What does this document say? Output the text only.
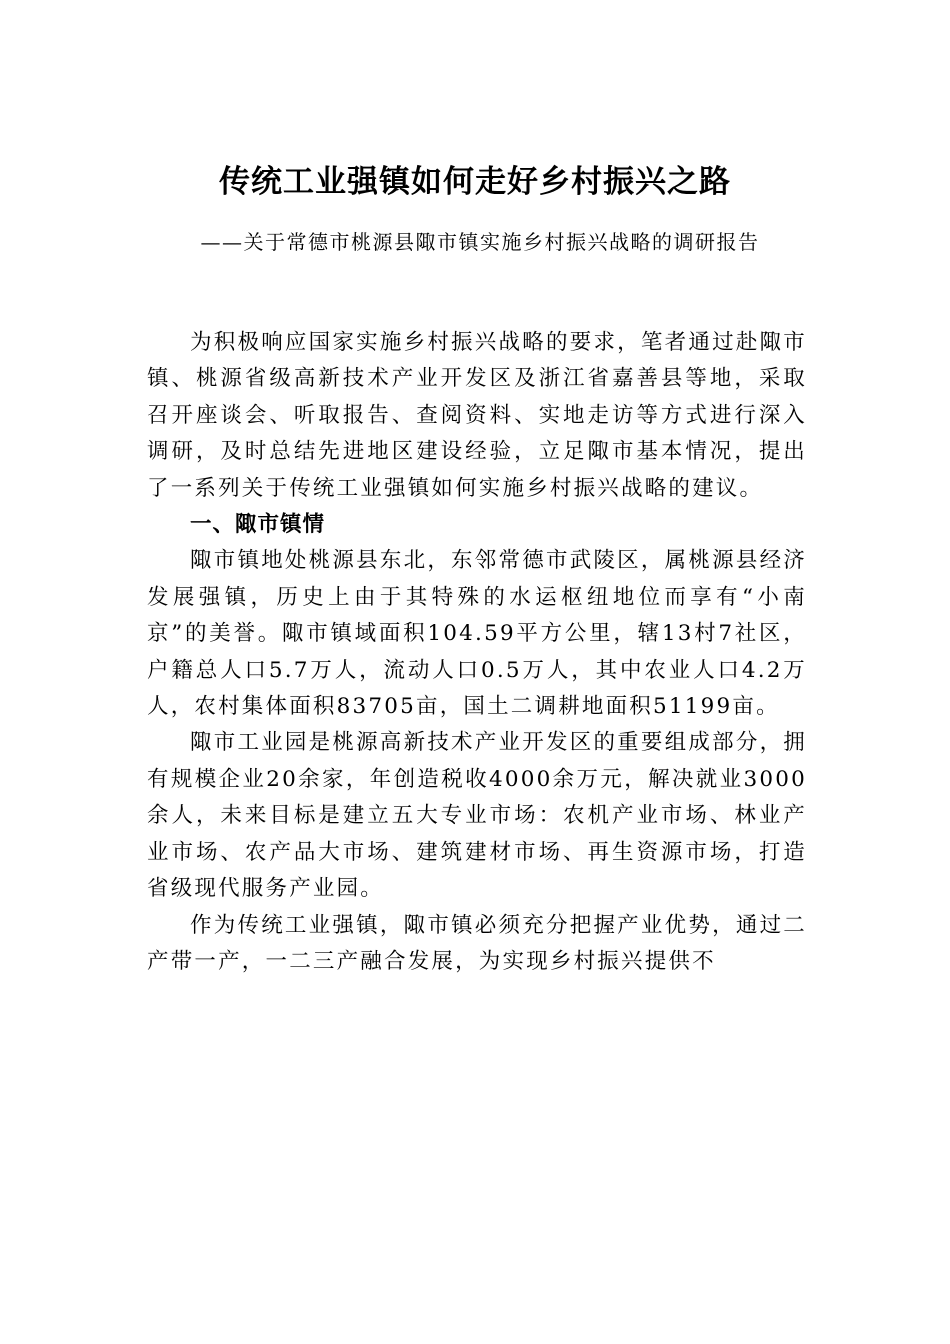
传统工业强镇如何走好乡村振兴之路
——关于常德市桃源县陬市镇实施乡村振兴战略的调研报告

为积极响应国家实施乡村振兴战略的要求，笔者通过赴陬市镇、桃源省级高新技术产业开发区及浙江省嘉善县等地，采取召开座谈会、听取报告、查阅资料、实地走访等方式进行深入调研，及时总结先进地区建设经验，立足陬市基本情况，提出了一系列关于传统工业强镇如何实施乡村振兴战略的建议。

一、陬市镇情

陬市镇地处桃源县东北，东邻常德市武陵区，属桃源县经济发展强镇，历史上由于其特殊的水运枢纽地位而享有“小南京”的美誉。陬市镇域面积104.59平方公里，辖13村7社区，户籍总人口5.7万人，流动人口0.5万人，其中农业人口4.2万人，农村集体面积83705亩，国土二调耕地面积51199亩。

陬市工业园是桃源高新技术产业开发区的重要组成部分，拥有规模企业20余家，年创造税收4000余万元，解决就业3000余人，未来目标是建立五大专业市场：农机产业市场、林业产业市场、农产品大市场、建筑建材市场、再生资源市场，打造省级现代服务产业园。

作为传统工业强镇，陬市镇必须充分把握产业优势，通过二产带一产，一二三产融合发展，为实现乡村振兴提供不
